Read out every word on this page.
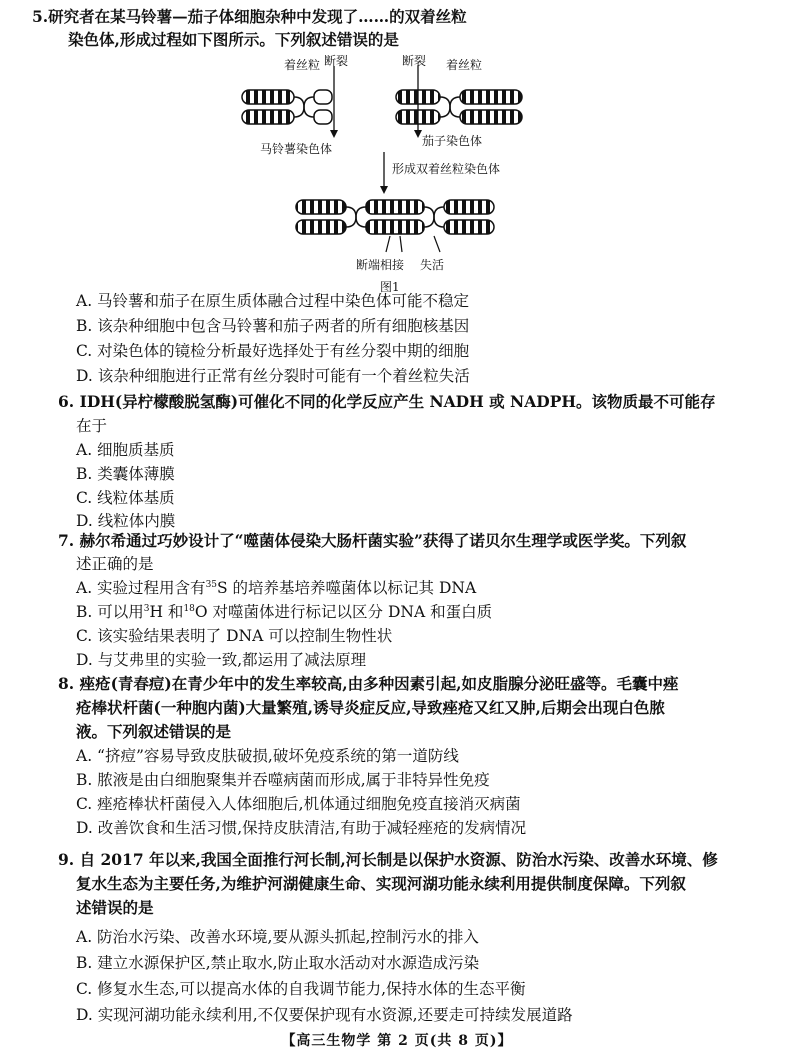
5.研究者在某马铃薯—茄子体细胞杂种中发现了……的双着丝粒
染色体,形成过程如下图所示。下列叙述错误的是
着丝粒 断裂	断裂 着丝粒
马铃薯染色体
茄子染色体
形成双着丝粒染色体
断端相接 失活
图1
A. 马铃薯和茄子在原生质体融合过程中染色体可能不稳定
B. 该杂种细胞中包含马铃薯和茄子两者的所有细胞核基因
C. 对染色体的镜检分析最好选择处于有丝分裂中期的细胞
D. 该杂种细胞进行正常有丝分裂时可能有一个着丝粒失活
6. IDH(异柠檬酸脱氢酶)可催化不同的化学反应产生 NADH 或 NADPH。该物质最不可能存
在于
A. 细胞质基质
B. 类囊体薄膜
C. 线粒体基质
D. 线粒体内膜
7. 赫尔希通过巧妙设计了“噬菌体侵染大肠杆菌实验”获得了诺贝尔生理学或医学奖。下列叙
述正确的是
A. 实验过程用含有$^{35}$S 的培养基培养噬菌体以标记其 DNA
B. 可以用$^3$H 和$^{18}$O 对噬菌体进行标记以区分 DNA 和蛋白质
C. 该实验结果表明了 DNA 可以控制生物性状
D. 与艾弗里的实验一致,都运用了减法原理
8. 痤疮(青春痘)在青少年中的发生率较高,由多种因素引起,如皮脂腺分泌旺盛等。毛囊中痤
疮棒状杆菌(一种胞内菌)大量繁殖,诱导炎症反应,导致痤疮又红又肿,后期会出现白色脓
液。下列叙述错误的是
A. “挤痘”容易导致皮肤破损,破坏免疫系统的第一道防线
B. 脓液是由白细胞聚集并吞噬病菌而形成,属于非特异性免疫
C. 痤疮棒状杆菌侵入人体细胞后,机体通过细胞免疫直接消灭病菌
D. 改善饮食和生活习惯,保持皮肤清洁,有助于减轻痤疮的发病情况
9. 自 2017 年以来,我国全面推行河长制,河长制是以保护水资源、防治水污染、改善水环境、修
复水生态为主要任务,为维护河湖健康生命、实现河湖功能永续利用提供制度保障。下列叙
述错误的是
A. 防治水污染、改善水环境,要从源头抓起,控制污水的排入
B. 建立水源保护区,禁止取水,防止取水活动对水源造成污染
C. 修复水生态,可以提高水体的自我调节能力,保持水体的生态平衡
D. 实现河湖功能永续利用,不仅要保护现有水资源,还要走可持续发展道路
【高三生物学 第 2 页(共 8 页)】
